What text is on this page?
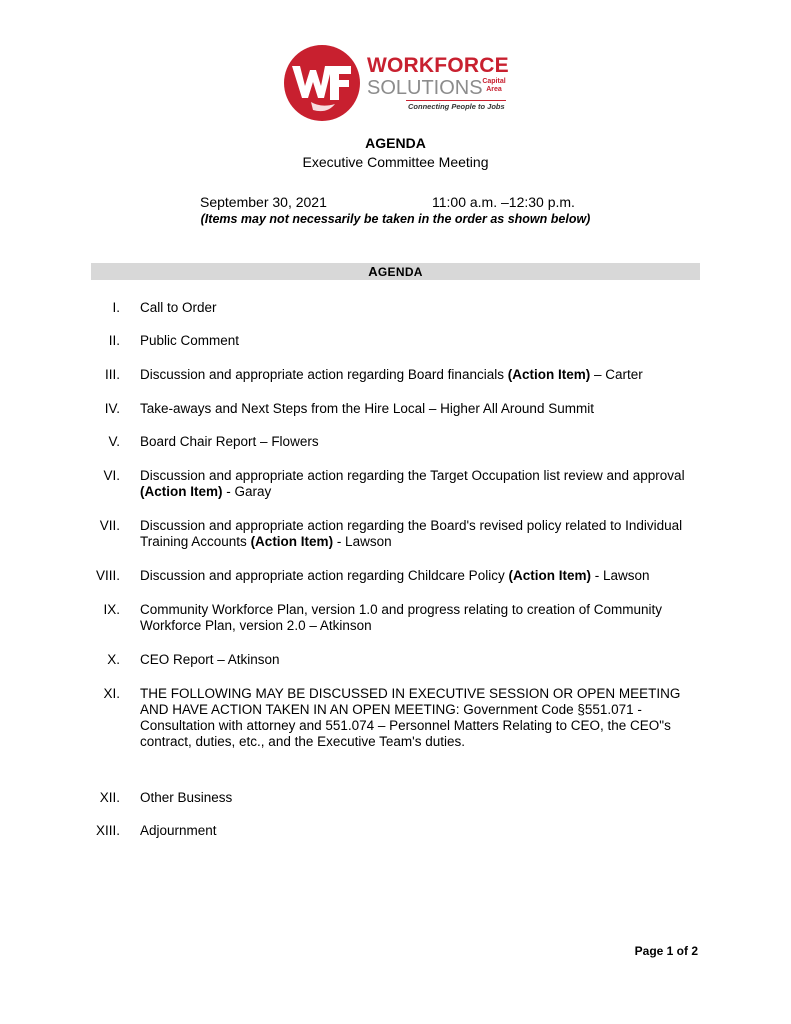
WORKFORCE
SOLUTIONS Capital
Area
Connecting People to Jobs
AGENDA
Executive Committee Meeting
September 30, 2021	11:00 a.m. –12:30 p.m.
(Items may not necessarily be taken in the order as shown below)
AGENDA
I. Call to Order
II. Public Comment
III. Discussion and appropriate action regarding Board financials (Action Item) – Carter
IV. Take-aways and Next Steps from the Hire Local – Higher All Around Summit
V. Board Chair Report – Flowers
VI. Discussion and appropriate action regarding the Target Occupation list review and approval (Action Item) - Garay
VII. Discussion and appropriate action regarding the Board's revised policy related to Individual Training Accounts (Action Item) - Lawson
VIII. Discussion and appropriate action regarding Childcare Policy (Action Item) - Lawson
IX. Community Workforce Plan, version 1.0 and progress relating to creation of Community Workforce Plan, version 2.0 – Atkinson
X. CEO Report – Atkinson
XI. THE FOLLOWING MAY BE DISCUSSED IN EXECUTIVE SESSION OR OPEN MEETING AND HAVE ACTION TAKEN IN AN OPEN MEETING: Government Code §551.071 -Consultation with attorney and 551.074 – Personnel Matters Relating to CEO, the CEO"s contract, duties, etc., and the Executive Team's duties.
XII. Other Business
XIII. Adjournment
Page 1 of 2
